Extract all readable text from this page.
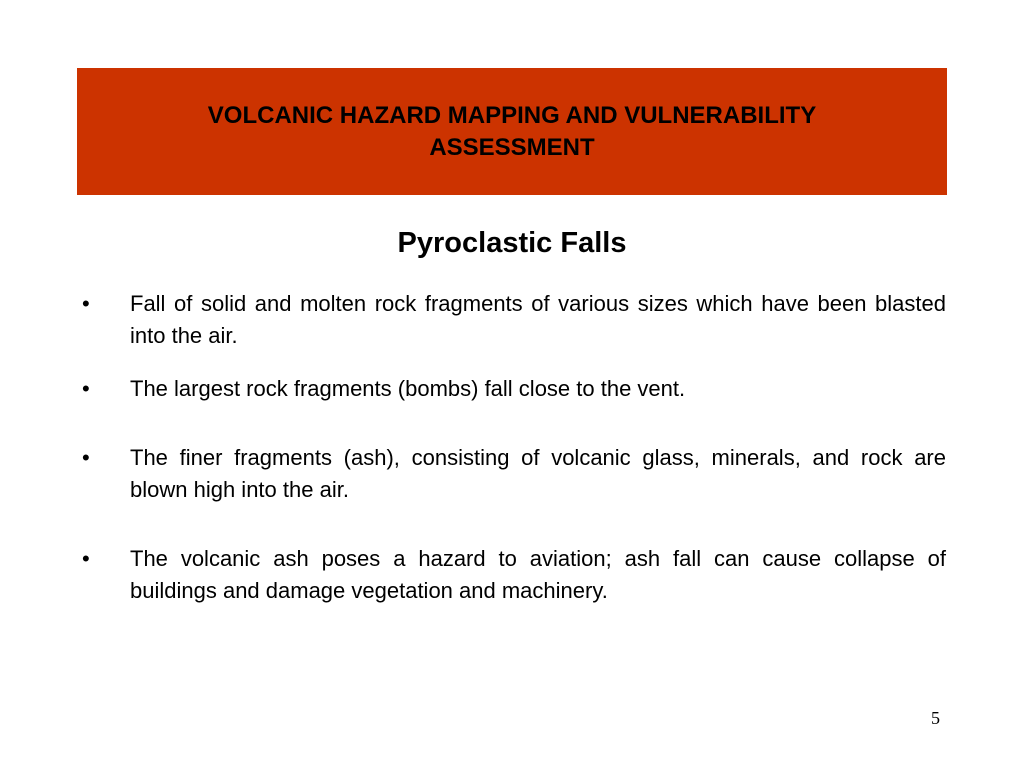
VOLCANIC HAZARD MAPPING AND VULNERABILITY ASSESSMENT
Pyroclastic Falls
•	Fall of solid and molten rock fragments of various sizes which have been blasted into the air.
•	The largest rock fragments (bombs) fall close to the vent.
•	The finer fragments (ash), consisting of volcanic glass, minerals, and rock are blown high into the air.
•	The volcanic ash poses a hazard to aviation; ash fall can cause collapse of buildings and damage vegetation and machinery.
5
